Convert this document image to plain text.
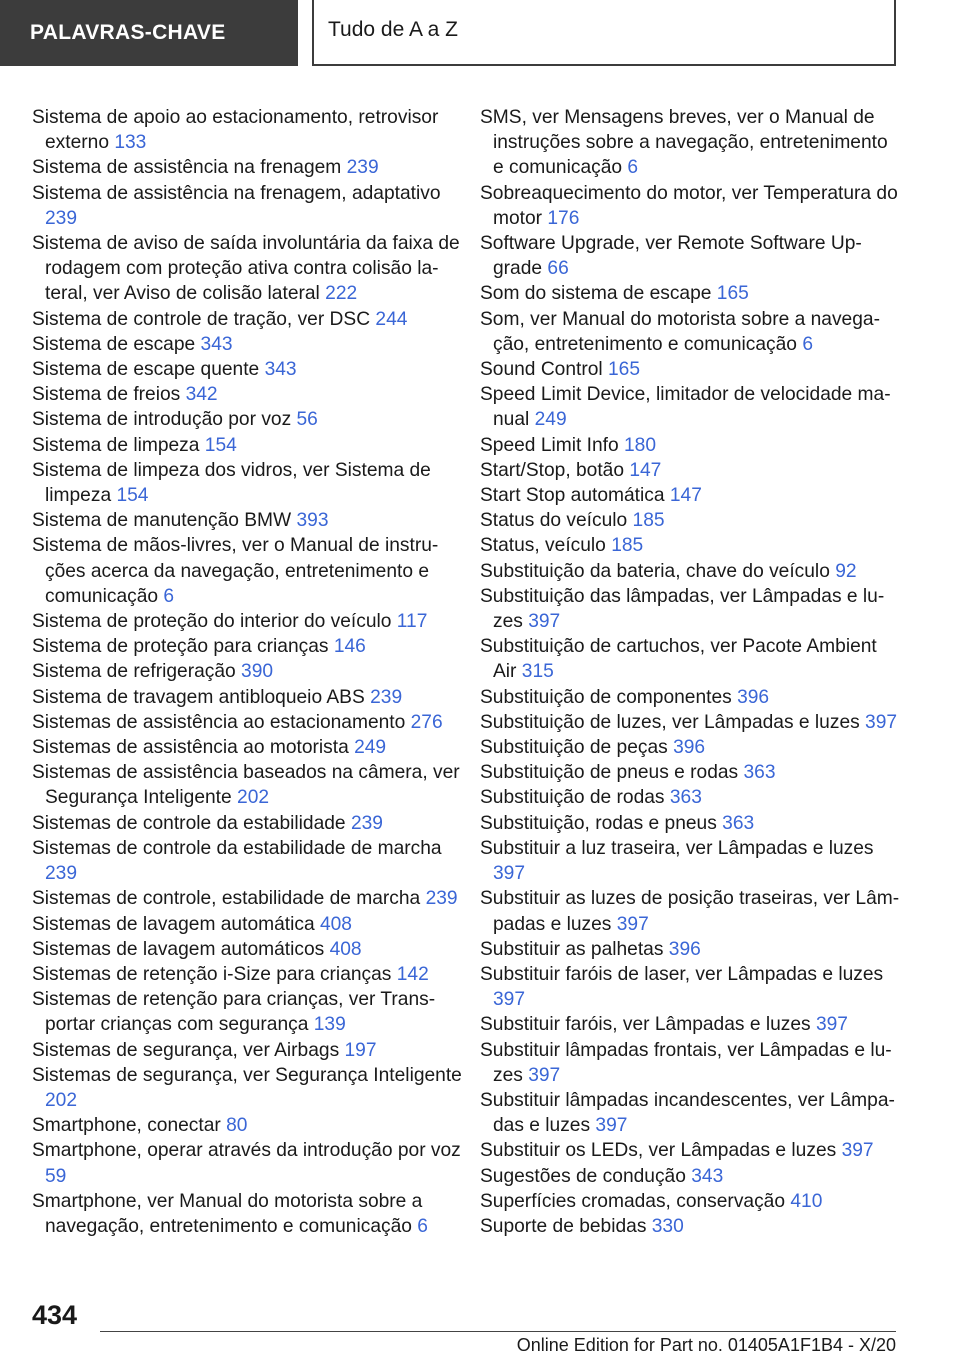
PALAVRAS-CHAVE	Tudo de A a Z
Sistema de apoio ao estacionamento, retrovisor externo 133
Sistema de assistência na frenagem 239
Sistema de assistência na frenagem, adaptativo 239
Sistema de aviso de saída involuntária da faixa de rodagem com proteção ativa contra colisão lateral, ver Aviso de colisão lateral 222
Sistema de controle de tração, ver DSC 244
Sistema de escape 343
Sistema de escape quente 343
Sistema de freios 342
Sistema de introdução por voz 56
Sistema de limpeza 154
Sistema de limpeza dos vidros, ver Sistema de limpeza 154
Sistema de manutenção BMW 393
Sistema de mãos-livres, ver o Manual de instruções acerca da navegação, entretenimento e comunicação 6
Sistema de proteção do interior do veículo 117
Sistema de proteção para crianças 146
Sistema de refrigeração 390
Sistema de travagem antibloqueio ABS 239
Sistemas de assistência ao estacionamento 276
Sistemas de assistência ao motorista 249
Sistemas de assistência baseados na câmera, ver Segurança Inteligente 202
Sistemas de controle da estabilidade 239
Sistemas de controle da estabilidade de marcha 239
Sistemas de controle, estabilidade de marcha 239
Sistemas de lavagem automática 408
Sistemas de lavagem automáticos 408
Sistemas de retenção i-Size para crianças 142
Sistemas de retenção para crianças, ver Transportar crianças com segurança 139
Sistemas de segurança, ver Airbags 197
Sistemas de segurança, ver Segurança Inteligente 202
Smartphone, conectar 80
Smartphone, operar através da introdução por voz 59
Smartphone, ver Manual do motorista sobre a navegação, entretenimento e comunicação 6
SMS, ver Mensagens breves, ver o Manual de instruções sobre a navegação, entretenimento e comunicação 6
Sobreaquecimento do motor, ver Temperatura do motor 176
Software Upgrade, ver Remote Software Upgrade 66
Som do sistema de escape 165
Som, ver Manual do motorista sobre a navegação, entretenimento e comunicação 6
Sound Control 165
Speed Limit Device, limitador de velocidade manual 249
Speed Limit Info 180
Start/Stop, botão 147
Start Stop automática 147
Status do veículo 185
Status, veículo 185
Substituição da bateria, chave do veículo 92
Substituição das lâmpadas, ver Lâmpadas e luzes 397
Substituição de cartuchos, ver Pacote Ambient Air 315
Substituição de componentes 396
Substituição de luzes, ver Lâmpadas e luzes 397
Substituição de peças 396
Substituição de pneus e rodas 363
Substituição de rodas 363
Substituição, rodas e pneus 363
Substituir a luz traseira, ver Lâmpadas e luzes 397
Substituir as luzes de posição traseiras, ver Lâmpadas e luzes 397
Substituir as palhetas 396
Substituir faróis de laser, ver Lâmpadas e luzes 397
Substituir faróis, ver Lâmpadas e luzes 397
Substituir lâmpadas frontais, ver Lâmpadas e luzes 397
Substituir lâmpadas incandescentes, ver Lâmpadas e luzes 397
Substituir os LEDs, ver Lâmpadas e luzes 397
Sugestões de condução 343
Superfícies cromadas, conservação 410
Suporte de bebidas 330
434
Online Edition for Part no. 01405A1F1B4 - X/20
